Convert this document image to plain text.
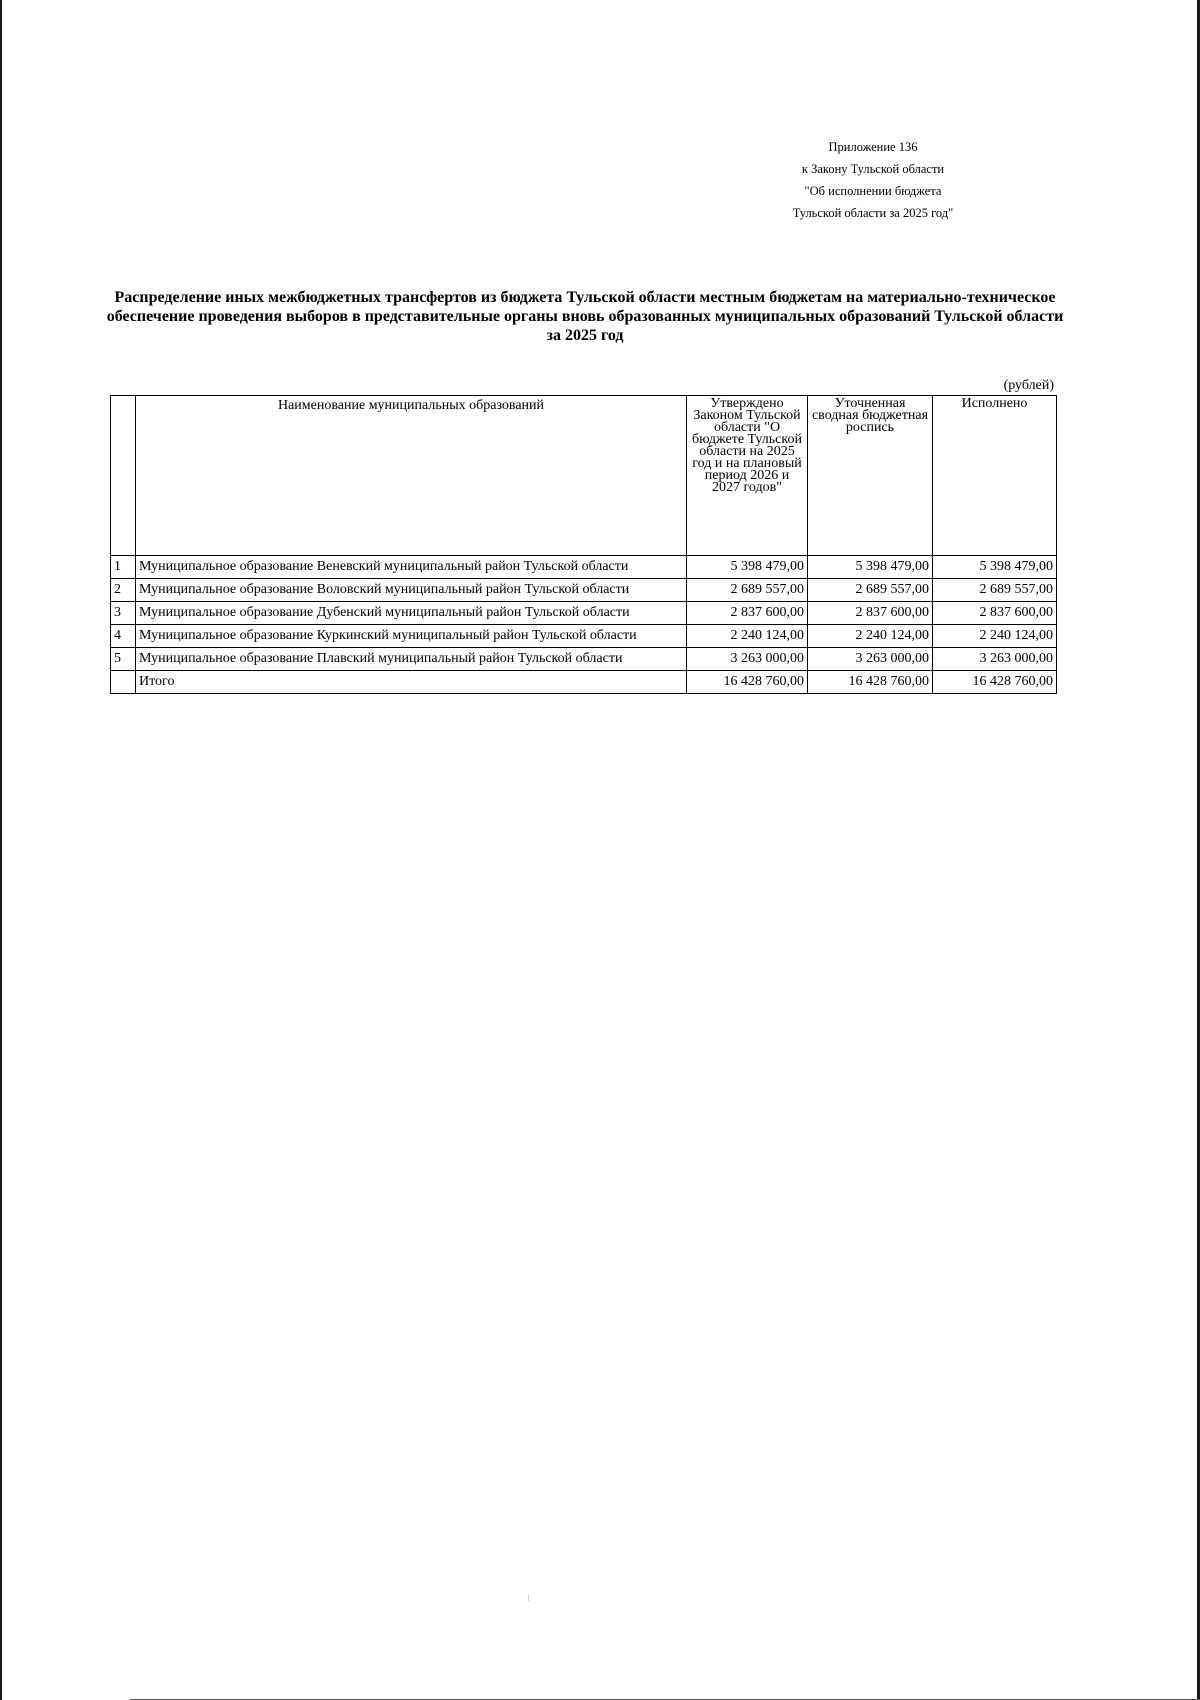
Приложение 136
к Закону Тульской области
"Об исполнении бюджета
Тульской области за 2025 год"
Распределение иных межбюджетных трансфертов из бюджета Тульской области местным бюджетам на материально-техническое обеспечение проведения выборов в представительные органы вновь образованных муниципальных образований Тульской области за 2025 год
(рублей)
	Наименование муниципальных образований	Утверждено Законом Тульской области "О бюджете Тульской области на 2025 год и на плановый период 2026 и 2027 годов"	Уточненная сводная бюджетная роспись	Исполнено
1	Муниципальное образование Веневский муниципальный район Тульской области	5 398 479,00	5 398 479,00	5 398 479,00
2	Муниципальное образование Воловский муниципальный район Тульской области	2 689 557,00	2 689 557,00	2 689 557,00
3	Муниципальное образование Дубенский муниципальный район Тульской области	2 837 600,00	2 837 600,00	2 837 600,00
4	Муниципальное образование Куркинский муниципальный район Тульской области	2 240 124,00	2 240 124,00	2 240 124,00
5	Муниципальное образование Плавский муниципальный район Тульской области	3 263 000,00	3 263 000,00	3 263 000,00
	Итого	16 428 760,00	16 428 760,00	16 428 760,00
